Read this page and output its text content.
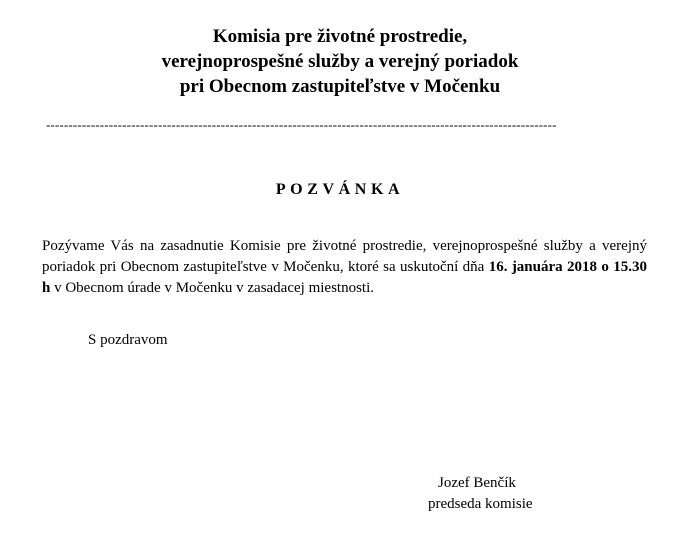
Komisia pre životné prostredie,
verejnoprospešné služby a verejný poriadok
pri Obecnom zastupiteľstve v Močenku
------------------------------------------------------------------------------------------------------------------
POZVÁNKA
Pozývame Vás na zasadnutie Komisie pre životné prostredie, verejnoprospešné služby a verejný poriadok pri Obecnom zastupiteľstve v Močenku, ktoré sa uskutoční dňa 16. januára 2018 o 15.30 h v Obecnom úrade v Močenku v zasadacej miestnosti.
S pozdravom
Jozef Benčík
predseda komisie
